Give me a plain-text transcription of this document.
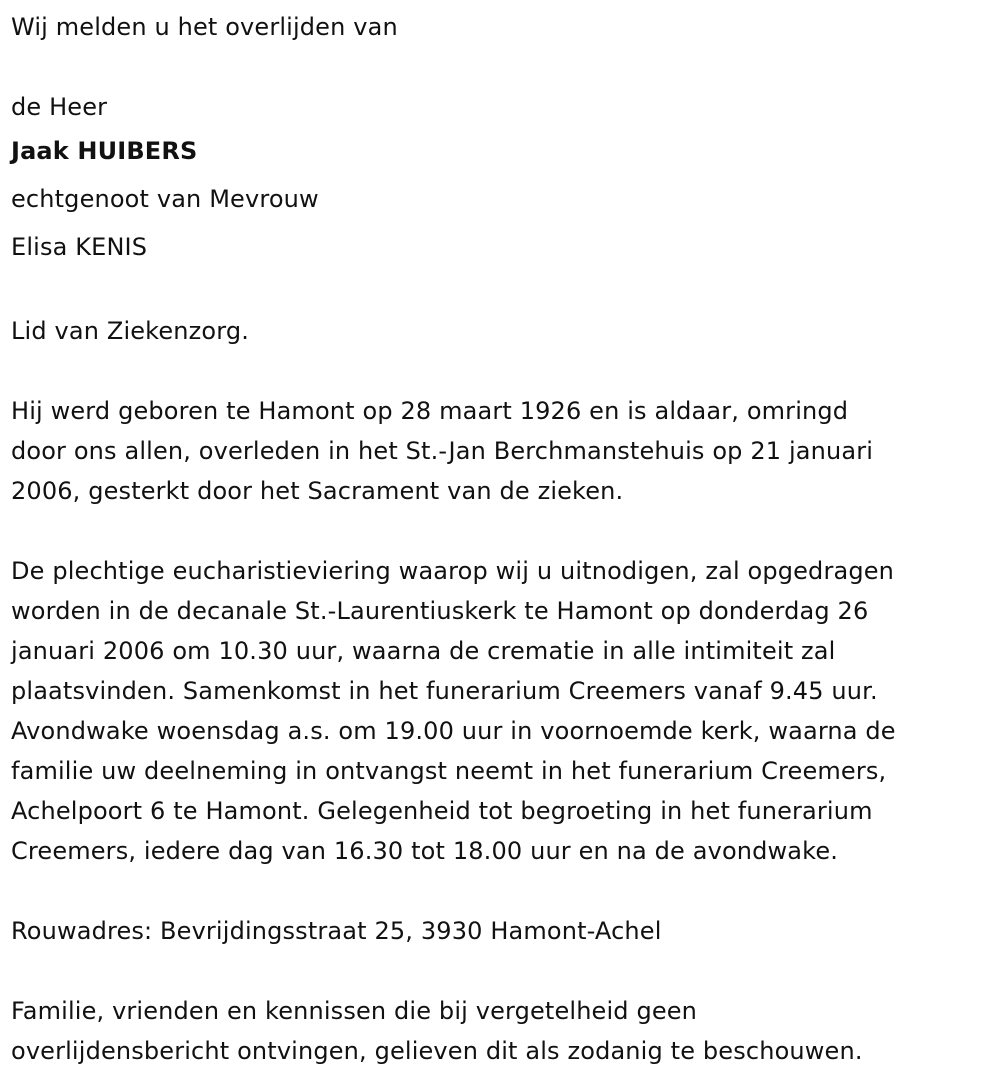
Wij melden u het overlijden van

de Heer

Jaak HUIBERS

echtgenoot van Mevrouw

Elisa KENIS

Lid van Ziekenzorg.

Hij werd geboren te Hamont op 28 maart 1926 en is aldaar, omringd
door ons allen, overleden in het St.-Jan Berchmanstehuis op 21 januari
2006, gesterkt door het Sacrament van de zieken.
De plechtige eucharistieviering waarop wij u uitnodigen, zal opgedragen
worden in de decanale St.-Laurentiuskerk te Hamont op donderdag 26
januari 2006 om 10.30 uur, waarna de crematie in alle intimiteit zal
plaatsvinden. Samenkomst in het funerarium Creemers vanaf 9.45 uur.
Avondwake woensdag a.s. om 19.00 uur in voornoemde kerk, waarna de
familie uw deelneming in ontvangst neemt in het funerarium Creemers,
Achelpoort 6 te Hamont. Gelegenheid tot begroeting in het funerarium
Creemers, iedere dag van 16.30 tot 18.00 uur en na de avondwake.

Rouwadres: Bevrijdingsstraat 25, 3930 Hamont-Achel

Familie, vrienden en kennissen die bij vergetelheid geen
overlijdensbericht ontvingen, gelieven dit als zodanig te beschouwen.
